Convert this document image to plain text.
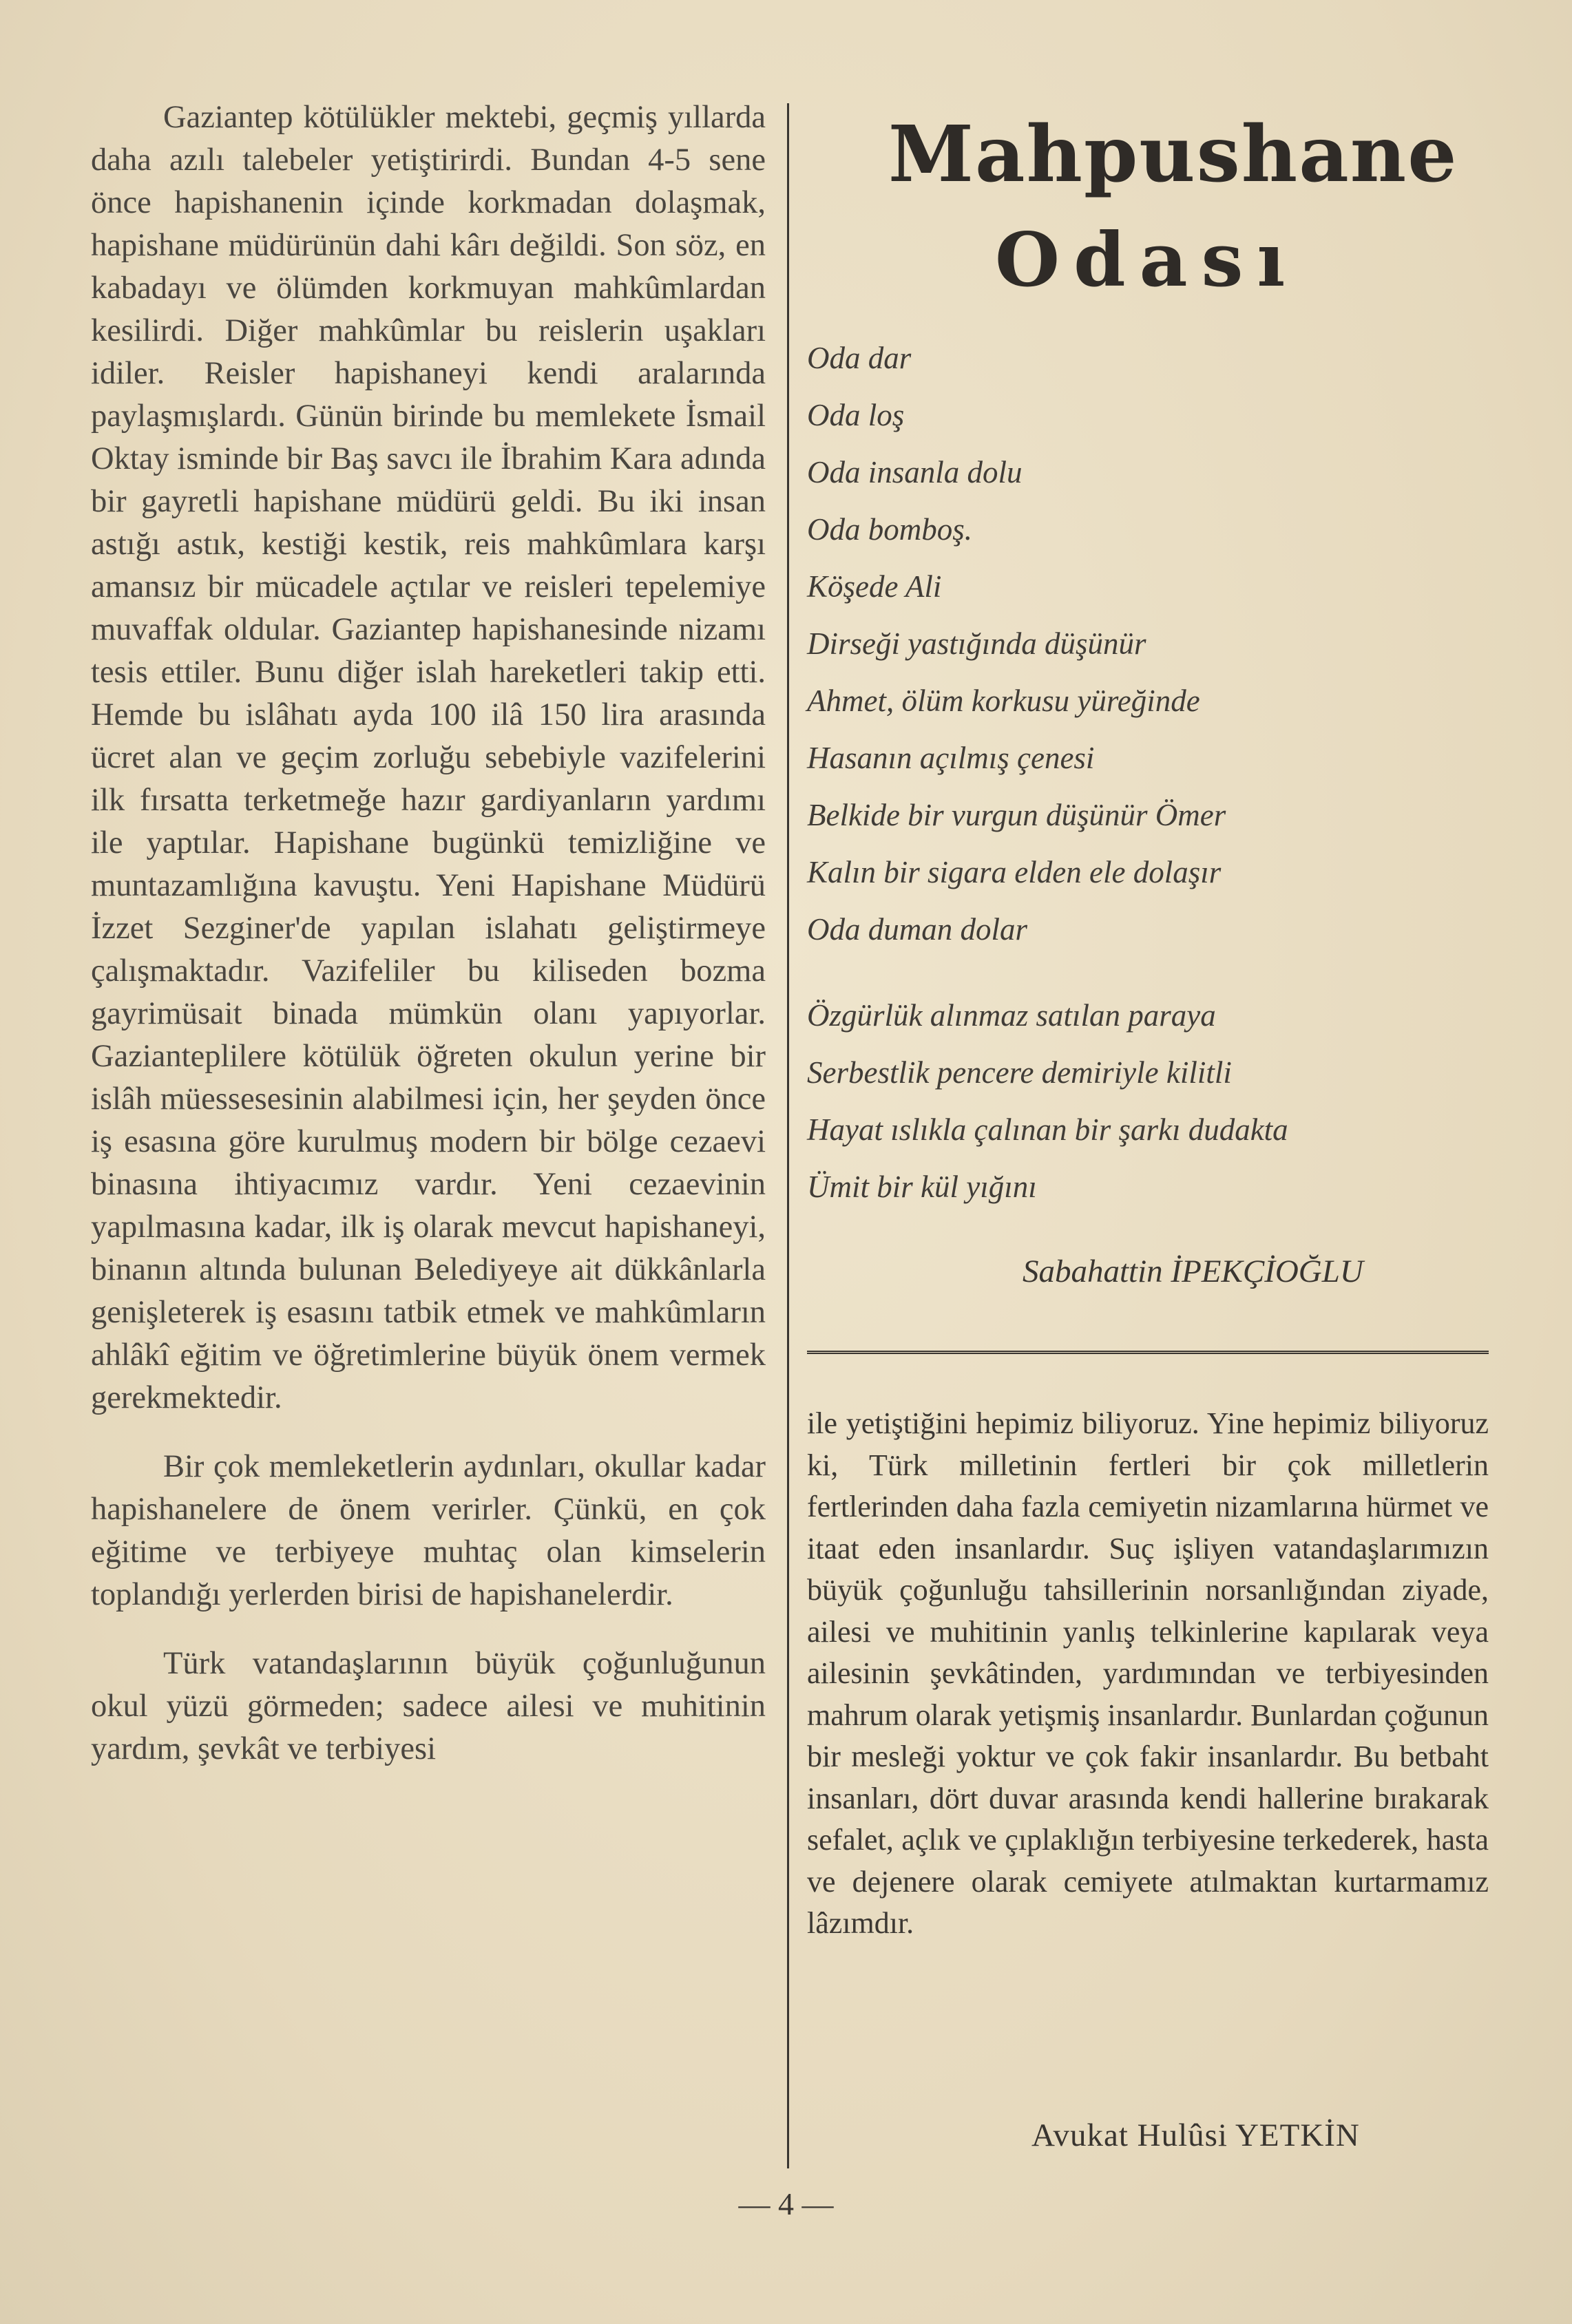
Gaziantep kötülükler mektebi, geçmiş yıllarda daha azılı talebeler yetiştirirdi. Bundan 4-5 sene önce hapishanenin içinde korkmadan dolaşmak, hapishane müdürünün dahi kârı değildi. Son söz, en kabadayı ve ölümden korkmuyan mahkûmlardan kesilirdi. Diğer mahkûmlar bu reislerin uşakları idiler. Reisler hapishaneyi kendi aralarında paylaşmışlardı. Günün birinde bu memlekete İsmail Oktay isminde bir Baş savcı ile İbrahim Kara adında bir gayretli hapishane müdürü geldi. Bu iki insan astığı astık, kestiği kestik, reis mahkûmlara karşı amansız bir mücadele açtılar ve reisleri tepelemiye muvaffak oldular. Gaziantep hapishanesinde nizamı tesis ettiler. Bunu diğer islah hareketleri takip etti. Hemde bu islâhatı ayda 100 ilâ 150 lira arasında ücret alan ve geçim zorluğu sebebiyle vazifelerini ilk fırsatta terketmeğe hazır gardiyanların yardımı ile yaptılar. Hapishane bugünkü temizliğine ve muntazamlığına kavuştu. Yeni Hapishane Müdürü İzzet Sezginer'de yapılan islahatı geliştirmeye çalışmaktadır. Vazifeliler bu kiliseden bozma gayrimüsait binada mümkün olanı yapıyorlar. Gazianteplilere kötülük öğreten okulun yerine bir islâh müessesesinin alabilmesi için, her şeyden önce iş esasına göre kurulmuş modern bir bölge cezaevi binasına ihtiyacımız vardır. Yeni cezaevinin yapılmasına kadar, ilk iş olarak mevcut hapishaneyi, binanın altında bulunan Belediyeye ait dükkânlarla genişleterek iş esasını tatbik etmek ve mahkûmların ahlâkî eğitim ve öğretimlerine büyük önem vermek gerekmektedir.

Bir çok memleketlerin aydınları, okullar kadar hapishanelere de önem verirler. Çünkü, en çok eğitime ve terbiyeye muhtaç olan kimselerin toplandığı yerlerden birisi de hapishanelerdir.

Türk vatandaşlarının büyük çoğunluğunun okul yüzü görmeden; sadece ailesi ve muhitinin yardım, şevkât ve terbiyesi

Mahpushane
Odası
Oda dar
Oda loş
Oda insanla dolu
Oda bomboş.
Köşede Ali
Dirseği yastığında düşünür
Ahmet, ölüm korkusu yüreğinde
Hasanın açılmış çenesi
Belkide bir vurgun düşünür Ömer
Kalın bir sigara elden ele dolaşır
Oda duman dolar
Özgürlük alınmaz satılan paraya
Serbestlik pencere demiriyle kilitli
Hayat ıslıkla çalınan bir şarkı dudakta
Ümit bir kül yığını
Sabahattin İPEKÇİOĞLU

ile yetiştiğini hepimiz biliyoruz. Yine hepimiz biliyoruz ki, Türk milletinin fertleri bir çok milletlerin fertlerinden daha fazla cemiyetin nizamlarına hürmet ve itaat eden insanlardır. Suç işliyen vatandaşlarımızın büyük çoğunluğu tahsillerinin norsanlığından ziyade, ailesi ve muhitinin yanlış telkinlerine kapılarak veya ailesinin şevkâtinden, yardımından ve terbiyesinden mahrum olarak yetişmiş insanlardır. Bunlardan çoğunun bir mesleği yoktur ve çok fakir insanlardır. Bu betbaht insanları, dört duvar arasında kendi hallerine bırakarak sefalet, açlık ve çıplaklığın terbiyesine terkederek, hasta ve dejenere olarak cemiyete atılmaktan kurtarmamız lâzımdır.

Avukat Hulûsi YETKİN
— 4 —
